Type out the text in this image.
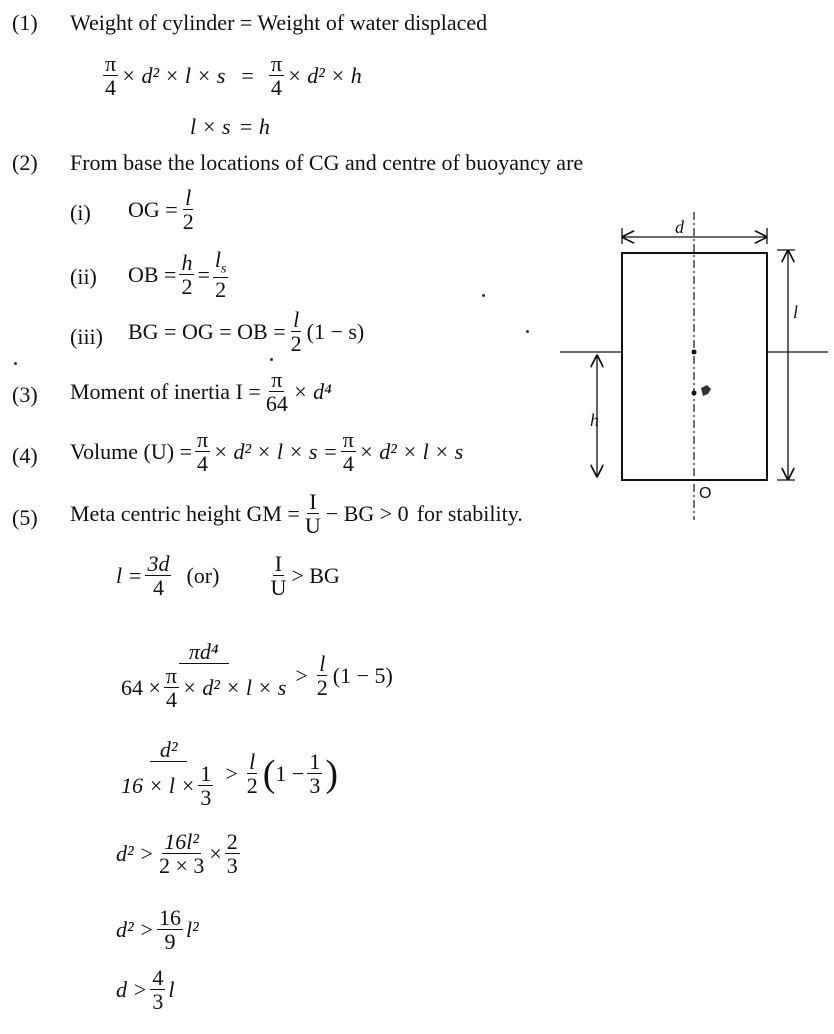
(1) Weight of cylinder = Weight of water displaced
$\frac{\pi}{4} \times d^2 \times l \times s = \frac{\pi}{4} \times d^2 \times h$
l × s = h
(2) From base the locations of CG and centre of buoyancy are
(i) OG = $\frac{l}{2}$
(ii) OB = $\frac{h}{2} = \frac{l_s}{2}$
(iii) BG = OG = OB = $\frac{l}{2} (1 - s)$
(3) Moment of inertia $I = \frac{\pi}{64} \times d^4$
(4) Volume $(U) = \frac{\pi}{4} \times d^2 \times l \times s = \frac{\pi}{4} \times d^2 \times l \times s$
(5) Meta centric height GM = $\frac{I}{U}$ − BG > 0 for stability.
$l = \frac{3d}{4} (or) \frac{I}{U}$ > BG
$\frac{\text{πd⁴}}{64 \times \frac{\pi}{4} \times d^2 \times l \times s} > \frac{l}{2} (1 - 5)$
$\frac{\text{d²}}{16 \times l \times \frac{1}{3}} > \frac{l}{2}$ ( $1 - \frac{1}{3}$ )
$d^2 > \frac{\text{16l²}}{2 \times 3} \times \frac{2}{3}$
$d^2 > \frac{16}{9} l^2$
$d > \frac{4}{3}$ l
d
l
h
O
